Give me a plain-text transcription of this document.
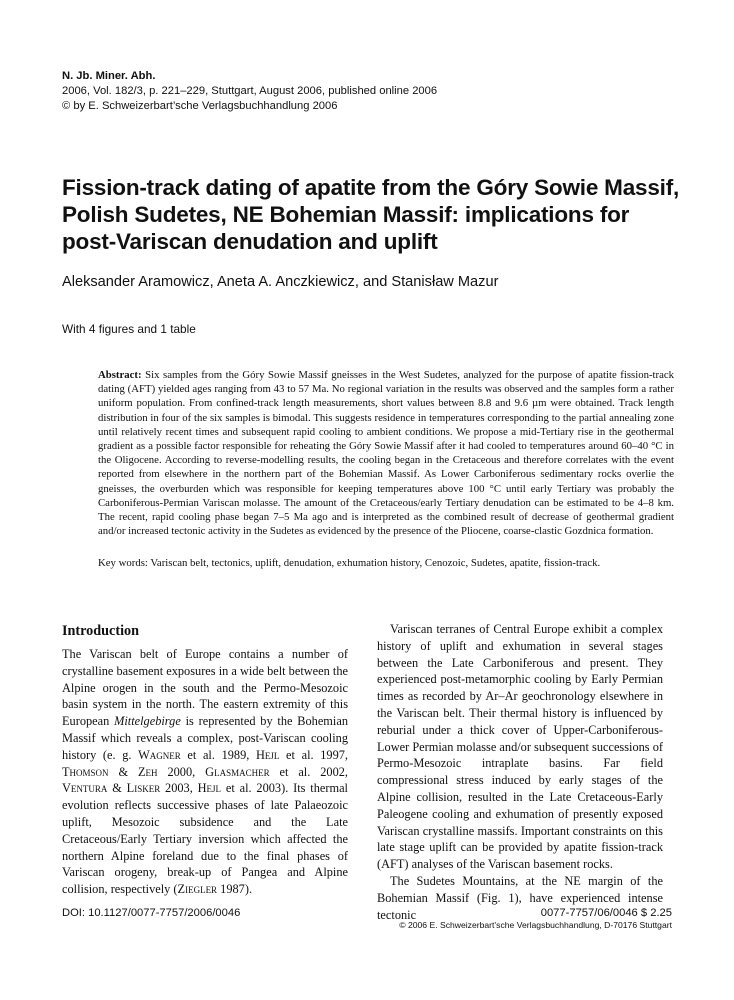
N. Jb. Miner. Abh.
2006, Vol. 182/3, p. 221–229, Stuttgart, August 2006, published online 2006
© by E. Schweizerbart’sche Verlagsbuchhandlung 2006
Fission-track dating of apatite from the Góry Sowie Massif, Polish Sudetes, NE Bohemian Massif: implications for post-Variscan denudation and uplift
Aleksander Aramowicz, Aneta A. Anczkiewicz, and Stanisław Mazur
With 4 figures and 1 table

Abstract: Six samples from the Góry Sowie Massif gneisses in the West Sudetes, analyzed for the purpose of apatite fission-track dating (AFT) yielded ages ranging from 43 to 57 Ma. No regional variation in the results was observed and the samples form a rather uniform population. From confined-track length measurements, short values between 8.8 and 9.6 µm were obtained. Track length distribution in four of the six samples is bimodal. This suggests residence in temperatures corresponding to the partial annealing zone until relatively recent times and subsequent rapid cooling to ambient conditions. We propose a mid-Tertiary rise in the geothermal gradient as a possible factor responsible for reheating the Góry Sowie Massif after it had cooled to temperatures around 60–40 °C in the Oligocene. According to reverse-modelling results, the cooling began in the Cretaceous and therefore correlates with the event reported from elsewhere in the northern part of the Bohemian Massif. As Lower Carboniferous sedimentary rocks overlie the gneisses, the overburden which was responsible for keeping temperatures above 100 °C until early Tertiary was probably the Carboniferous-Permian Variscan molasse. The amount of the Cretaceous/early Tertiary denudation can be estimated to be 4–8 km. The recent, rapid cooling phase began 7–5 Ma ago and is interpreted as the combined result of decrease of geothermal gradient and/or increased tectonic activity in the Sudetes as evidenced by the presence of the Pliocene, coarse-clastic Gozdnica formation.

Key words: Variscan belt, tectonics, uplift, denudation, exhumation history, Cenozoic, Sudetes, apatite, fission-track.

Introduction

The Variscan belt of Europe contains a number of crystalline basement exposures in a wide belt between the Alpine orogen in the south and the Permo-Mesozoic basin system in the north. The eastern extremity of this European Mittelgebirge is represented by the Bohemian Massif which reveals a complex, post-Variscan cooling history (e. g. Wagner et al. 1989, Hejl et al. 1997, Thomson & Zeh 2000, Glasmacher et al. 2002, Ventura & Lisker 2003, Hejl et al. 2003). Its thermal evolution reflects successive phases of late Palaeozoic uplift, Mesozoic subsidence and the Late Cretaceous/Early Tertiary inversion which affected the northern Alpine foreland due to the final phases of Variscan orogeny, break-up of Pangea and Alpine collision, respectively (Ziegler 1987).

Variscan terranes of Central Europe exhibit a complex history of uplift and exhumation in several stages between the Late Carboniferous and present. They experienced post-metamorphic cooling by Early Permian times as recorded by Ar–Ar geochronology elsewhere in the Variscan belt. Their thermal history is influenced by reburial under a thick cover of Upper-Carboniferous-Lower Permian molasse and/or subsequent successions of Permo-Mesozoic intraplate basins. Far field compressional stress induced by early stages of the Alpine collision, resulted in the Late Cretaceous-Early Paleogene cooling and exhumation of presently exposed Variscan crystalline massifs. Important constraints on this late stage uplift can be provided by apatite fission-track (AFT) analyses of the Variscan basement rocks.

The Sudetes Mountains, at the NE margin of the Bohemian Massif (Fig. 1), have experienced intense tectonic

DOI: 10.1127/0077-7757/2006/0046	0077-7757/06/0046 $ 2.25
© 2006 E. Schweizerbart’sche Verlagsbuchhandlung, D-70176 Stuttgart
